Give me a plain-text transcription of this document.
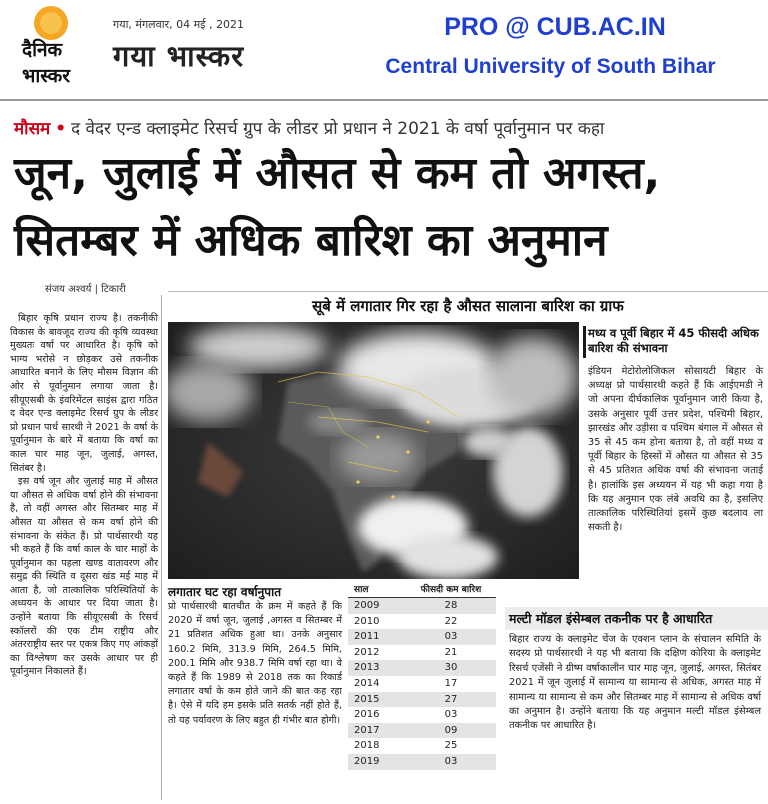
दैनिक
भास्कर
गया, मंगलवार, 04 मई , 2021
गया भास्कर
PRO @ CUB.AC.IN
Central University of South Bihar
मौसम • द वेदर एन्ड क्लाइमेट रिसर्च ग्रुप के लीडर प्रो प्रधान ने 2021 के वर्षा पूर्वानुमान पर कहा
जून, जुलाई में औसत से कम तो अगस्त,
सितम्बर में अधिक बारिश का अनुमान
संजय अश्वर्य | टिकारी
सूबे में लगातार गिर रहा है औसत सालाना बारिश का ग्राफ

बिहार कृषि प्रधान राज्य है। तकनीकी विकास के बावजूद राज्य की कृषि व्यवस्था मुख्यतः वर्षा पर आधारित है। कृषि को भाग्य भरोसे न छोड़कर उसे तकनीक आधारित बनाने के लिए मौसम विज्ञान की ओर से पूर्वानुमान लगाया जाता है। सीयूएसबी के इंवरिमेंटल साइंस द्वारा गठित द वेदर एन्ड क्लाइमेट रिसर्च ग्रुप के लीडर प्रो प्रधान पार्थ सारथी ने 2021 के वर्षा के पूर्वानुमान के बारे में बताया कि वर्षा का काल चार माह जून, जुलाई, अगस्त, सितंबर है।

इस वर्ष जून और जुलाई माह में औसत या औसत से अधिक वर्षा होने की संभावना है, तो वहीं अगस्त और सितम्बर माह में औसत या औसत से कम वर्षा होने की संभावना के संकेत हैं। प्रो पार्थसारथी यह भी कहते हैं कि वर्षा काल के चार माहों के पूर्वानुमान का पहला खण्ड वातावरण और समुद्र की स्थिति व दूसरा खंड मई माह में आता है, जो तात्कालिक परिस्थितियों के अध्ययन के आधार पर दिया जाता है। उन्होंने बताया कि सीयूएसबी के रिसर्च स्कॉलरों की एक टीम राष्ट्रीय और अंतरराष्ट्रीय स्तर पर एकत्र किए गए आंकड़ों का विश्लेषण कर उसके आधार पर ही पूर्वानुमान निकालते हैं।

मध्य व पूर्वी बिहार में 45 फीसदी अधिक बारिश की संभावना
इंडियन मेटोरोलोजिकल सोसायटी बिहार के अध्यक्ष प्रो पार्थसारथी कहते हैं कि आईएमडी ने जो अपना दीर्घकालिक पूर्वानुमान जारी किया है, उसके अनुसार पूर्वी उत्तर प्रदेश, पश्चिमी बिहार, झारखंड और उड़ीसा व पश्चिम बंगाल में औसत से 35 से 45 कम होना बताया है, तो वहीं मध्य व पूर्वी बिहार के हिस्सों में औसत या औसत से 35 से 45 प्रतिशत अधिक वर्षा की संभावना जताई है। हालांकि इस अध्ययन में यह भी कहा गया है कि यह अनुमान एक लंबे अवधि का है, इसलिए तात्कालिक परिस्थितियां इसमें कुछ बदलाव ला सकती है।
लगातार घट रहा वर्षानुपात
प्रो पार्थसारथी बातचीत के क्रम में कहते हैं कि 2020 में वर्षा जून, जुलाई ,अगस्त व सितम्बर में 21 प्रतिशत अधिक हुआ था। उनके अनुसार 160.2 मिमि, 313.9 मिमि, 264.5 मिमि, 200.1 मिमि और 938.7 मिमि वर्षा रहा था। वे कहते हैं कि 1989 से 2018 तक का रिकार्ड लगातार वर्षा के कम होते जाने की बात कह रहा है। ऐसे में यदि हम इसके प्रति सतर्क नहीं होते हैं, तो यह पर्यावरण के लिए बहुत ही गंभीर बात होगी।
साल	फीसदी कम बारिश
2009	28
2010	22
2011	03
2012	21
2013	30
2014	17
2015	27
2016	03
2017	09
2018	25
2019	03
मल्टी मॉडल इंसेम्बल तकनीक पर है आधारित
बिहार राज्य के क्लाइमेट चेंज के एक्शन प्लान के संचालन समिति के सदस्य प्रो पार्थसारथी ने यह भी बताया कि दक्षिण कोरिया के क्लाइमेट रिसर्च एजेंसी ने ग्रीष्म वर्षाकालीन चार माह जून, जुलाई, अगस्त, सितंबर 2021 में जून जुलाई में सामान्य या सामान्य से अधिक, अगस्त माह में सामान्य या सामान्य से कम और सितम्बर माह में सामान्य से अधिक वर्षा का अनुमान है। उन्होंने बताया कि यह अनुमान मल्टी मॉडल इंसेम्बल तकनीक पर आधारित है।
